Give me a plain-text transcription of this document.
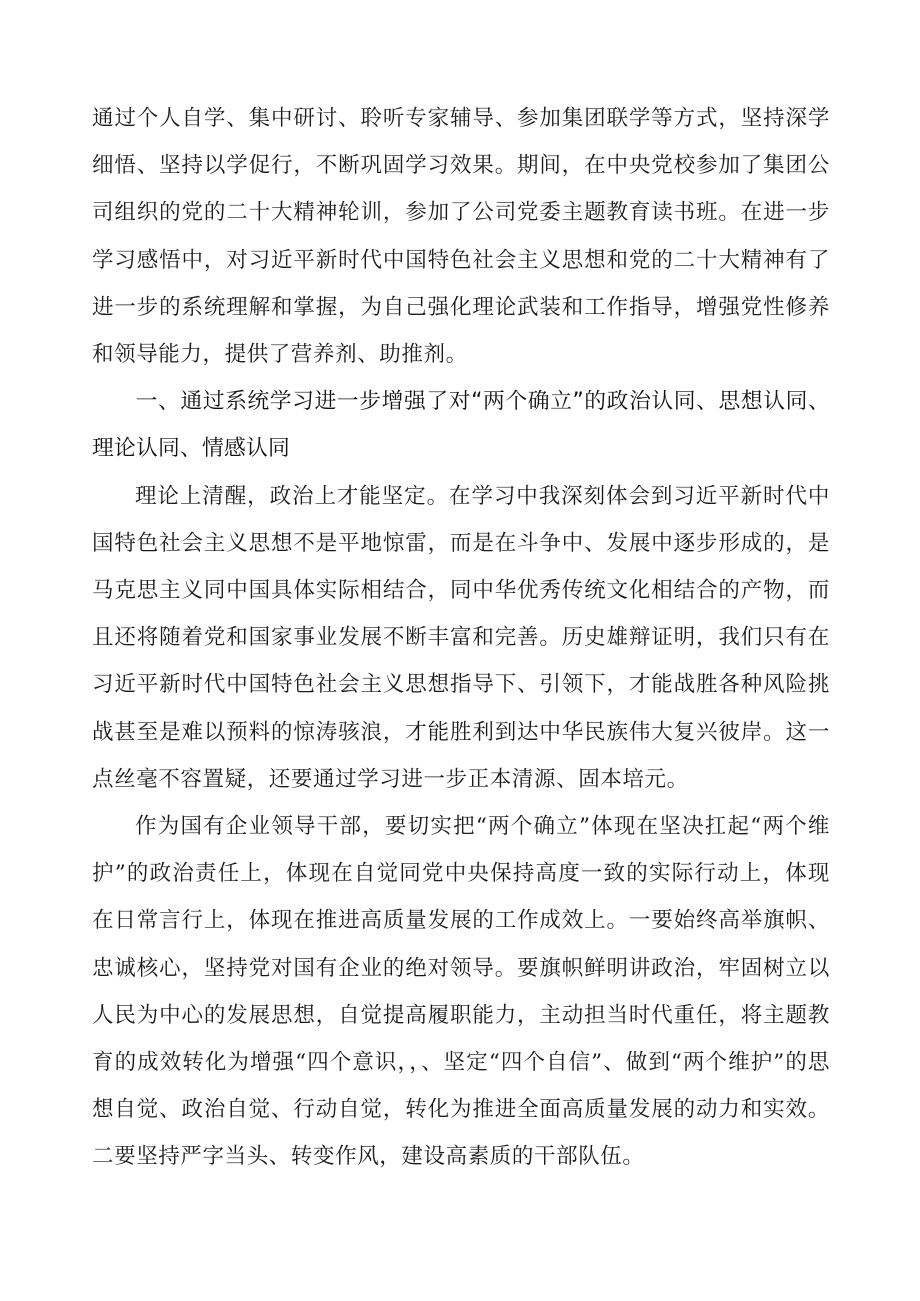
通过个人自学、集中研讨、聆听专家辅导、参加集团联学等方式，坚持深学细悟、坚持以学促行，不断巩固学习效果。期间，在中央党校参加了集团公司组织的党的二十大精神轮训，参加了公司党委主题教育读书班。在进一步学习感悟中，对习近平新时代中国特色社会主义思想和党的二十大精神有了进一步的系统理解和掌握，为自己强化理论武装和工作指导，增强党性修养和领导能力，提供了营养剂、助推剂。

一、通过系统学习进一步增强了对“两个确立”的政治认同、思想认同、理论认同、情感认同

理论上清醒，政治上才能坚定。在学习中我深刻体会到习近平新时代中国特色社会主义思想不是平地惊雷，而是在斗争中、发展中逐步形成的，是马克思主义同中国具体实际相结合，同中华优秀传统文化相结合的产物，而且还将随着党和国家事业发展不断丰富和完善。历史雄辩证明，我们只有在习近平新时代中国特色社会主义思想指导下、引领下，才能战胜各种风险挑战甚至是难以预料的惊涛骇浪，才能胜利到达中华民族伟大复兴彼岸。这一点丝毫不容置疑，还要通过学习进一步正本清源、固本培元。

作为国有企业领导干部，要切实把“两个确立”体现在坚决扛起“两个维护”的政治责任上，体现在自觉同党中央保持高度一致的实际行动上，体现在日常言行上，体现在推进高质量发展的工作成效上。一要始终高举旗帜、忠诚核心，坚持党对国有企业的绝对领导。要旗帜鲜明讲政治，牢固树立以人民为中心的发展思想，自觉提高履职能力，主动担当时代重任，将主题教育的成效转化为增强“四个意识，，、坚定“四个自信”、做到“两个维护”的思想自觉、政治自觉、行动自觉，转化为推进全面高质量发展的动力和实效。二要坚持严字当头、转变作风，建设高素质的干部队伍。
